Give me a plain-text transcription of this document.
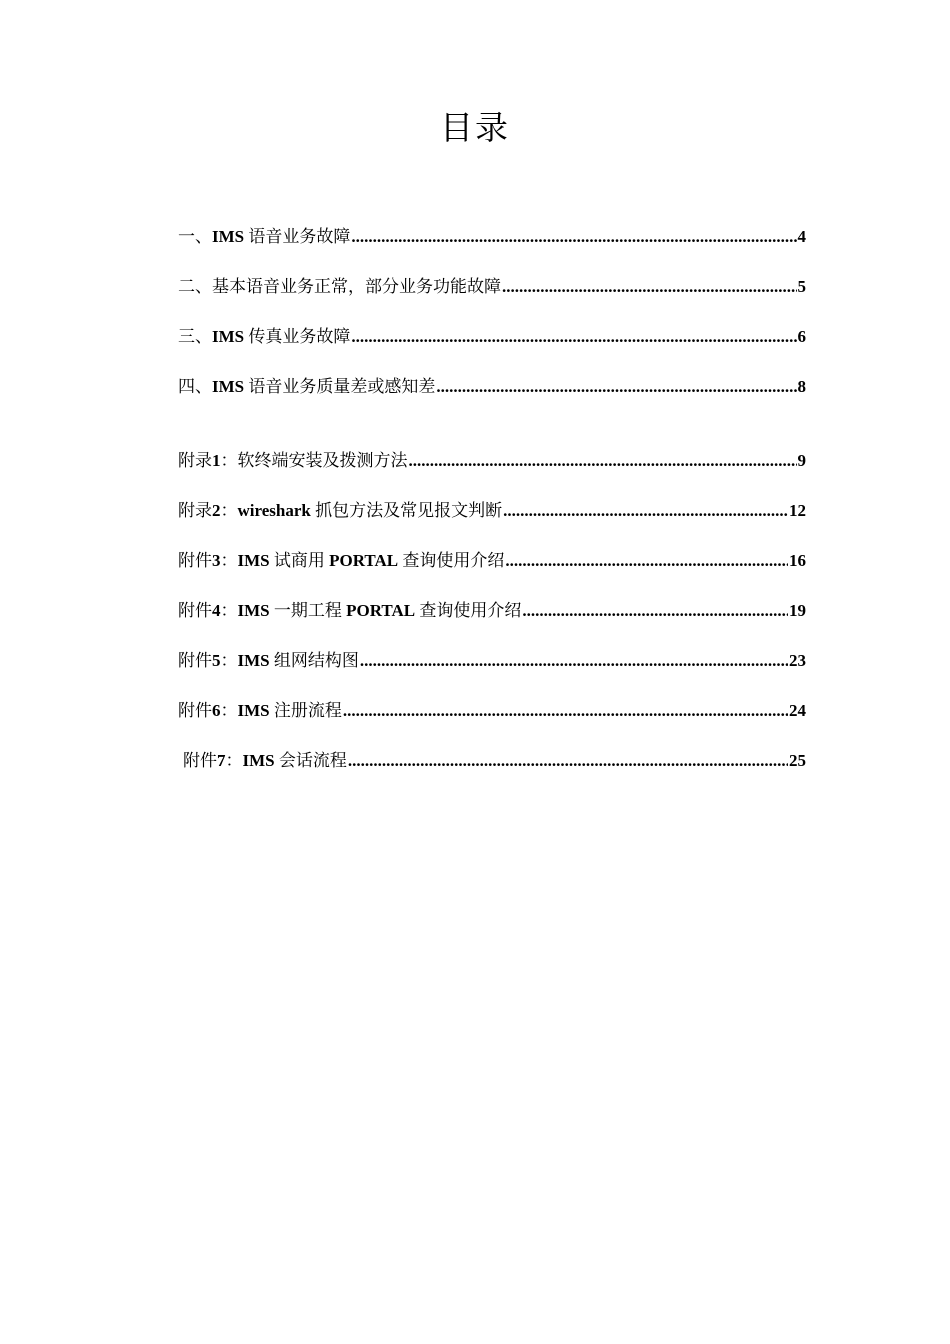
目录
一、 IMS 语音业务故障 .....	4
二、 基本语音业务正常，部分业务功能故障 .....	5
三、 IMS 传真业务故障 .....	6
四、 IMS 语音业务质量差或感知差 .....	8
附录 1：软终端安装及拨测方法 .....	9
附录 2：wireshark 抓包方法及常见报文判断 .....	12
附件 3：IMS 试商用 PORTAL 查询使用介绍 .....	16
附件 4：IMS 一期工程 PORTAL 查询使用介绍 .....	19
附件 5：IMS 组网结构图 .....	23
附件 6：IMS 注册流程 .....	24
附件 7：IMS 会话流程 .....	25
